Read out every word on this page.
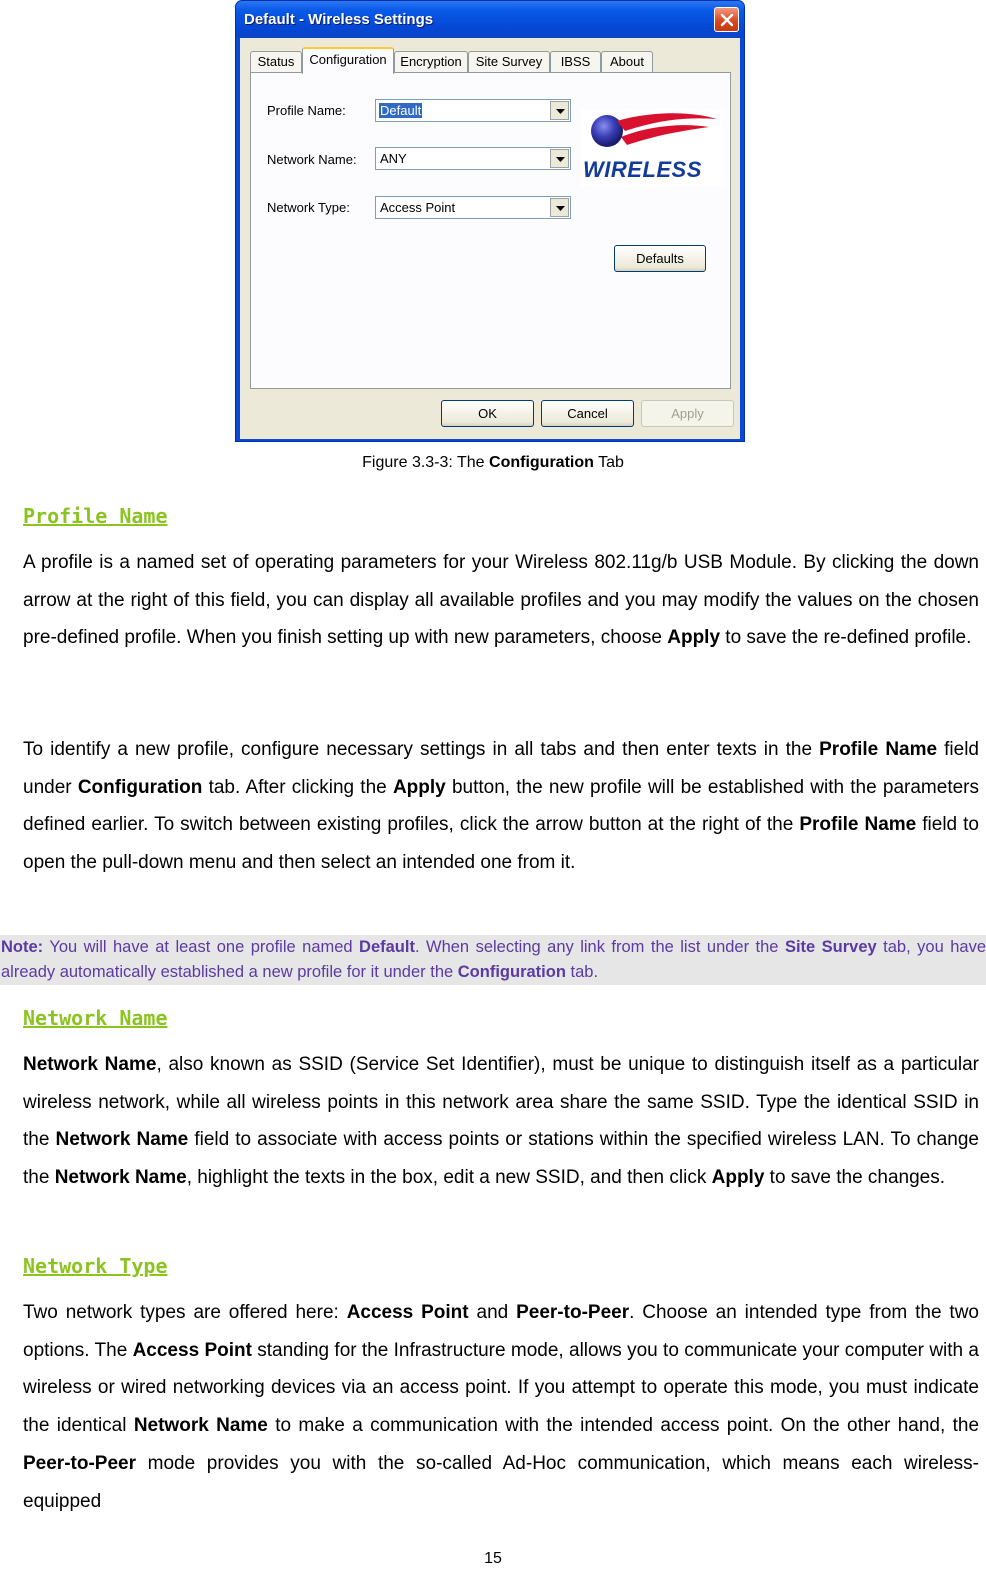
Default - Wireless Settings
Status	Configuration	Encryption	Site Survey	IBSS	About
Profile Name:	Default
Network Name: ANY
Network Type: Access Point
WIRELESS
Defaults
OK	Cancel	Apply
Figure 3.3-3: The Configuration Tab
Profile Name
A profile is a named set of operating parameters for your Wireless 802.11g/b USB Module. By clicking the down arrow at the right of this field, you can display all available profiles and you may modify the values on the chosen pre-defined profile. When you finish setting up with new parameters, choose Apply to save the re-defined profile.
To identify a new profile, configure necessary settings in all tabs and then enter texts in the Profile Name field under Configuration tab. After clicking the Apply button, the new profile will be established with the parameters defined earlier. To switch between existing profiles, click the arrow button at the right of the Profile Name field to open the pull-down menu and then select an intended one from it.
Note: You will have at least one profile named Default. When selecting any link from the list under the Site Survey tab, you have already automatically established a new profile for it under the Configuration tab.
Network Name
Network Name, also known as SSID (Service Set Identifier), must be unique to distinguish itself as a particular wireless network, while all wireless points in this network area share the same SSID. Type the identical SSID in the Network Name field to associate with access points or stations within the specified wireless LAN. To change the Network Name, highlight the texts in the box, edit a new SSID, and then click Apply to save the changes.
Network Type
Two network types are offered here: Access Point and Peer-to-Peer. Choose an intended type from the two options. The Access Point standing for the Infrastructure mode, allows you to communicate your computer with a wireless or wired networking devices via an access point. If you attempt to operate this mode, you must indicate the identical Network Name to make a communication with the intended access point. On the other hand, the Peer-to-Peer mode provides you with the so-called Ad-Hoc communication, which means each wireless-equipped
15
